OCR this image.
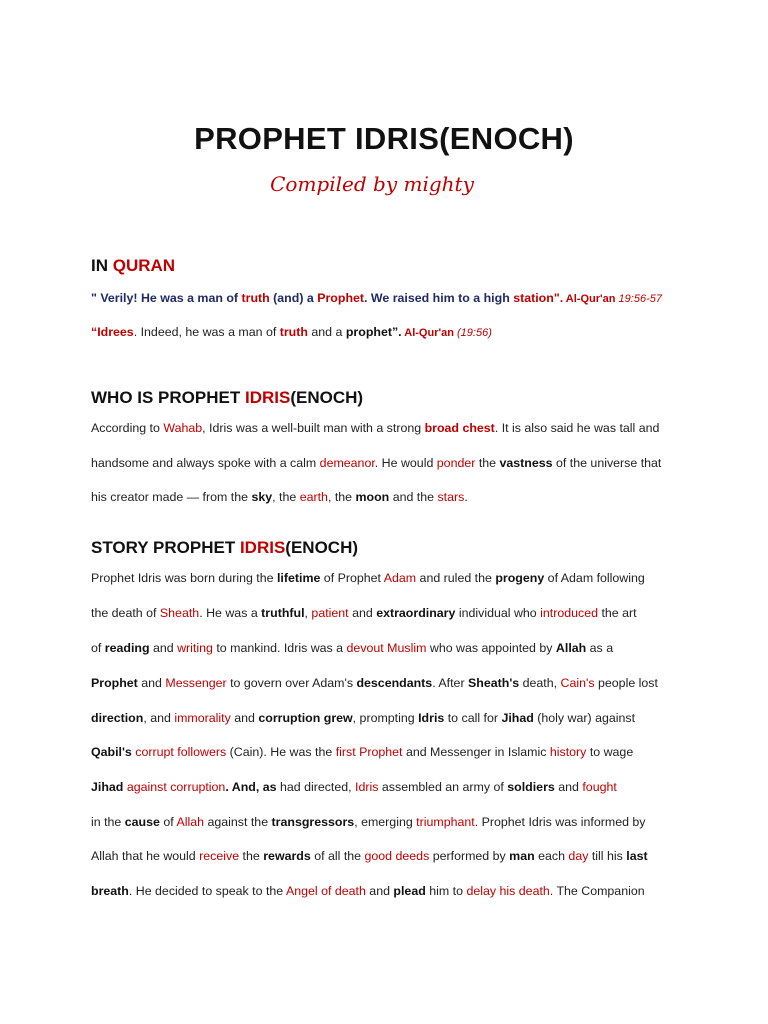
PROPHET IDRIS(ENOCH)
Compiled by mighty
IN QURAN
" Verily! He was a man of truth (and) a Prophet. We raised him to a high station". Al-Qur'an 19:56-57
“Idrees. Indeed, he was a man of truth and a prophet”. Al-Qur'an (19:56)
WHO IS PROPHET IDRIS(ENOCH)
According to Wahab, Idris was a well-built man with a strong broad chest. It is also said he was tall and
handsome and always spoke with a calm demeanor. He would ponder the vastness of the universe that
his creator made — from the sky, the earth, the moon and the stars.
STORY PROPHET IDRIS(ENOCH)
Prophet Idris was born during the lifetime of Prophet Adam and ruled the progeny of Adam following
the death of Sheath. He was a truthful, patient and extraordinary individual who introduced the art
of reading and writing to mankind. Idris was a devout Muslim who was appointed by Allah as a
Prophet and Messenger to govern over Adam's descendants. After Sheath's death, Cain's people lost
direction, and immorality and corruption grew, prompting Idris to call for Jihad (holy war) against
Qabil's corrupt followers (Cain). He was the first Prophet and Messenger in Islamic history to wage
Jihad against corruption. And, as had directed, Idris assembled an army of soldiers and fought
in the cause of Allah against the transgressors, emerging triumphant. Prophet Idris was informed by
Allah that he would receive the rewards of all the good deeds performed by man each day till his last
breath. He decided to speak to the Angel of death and plead him to delay his death. The Companion
